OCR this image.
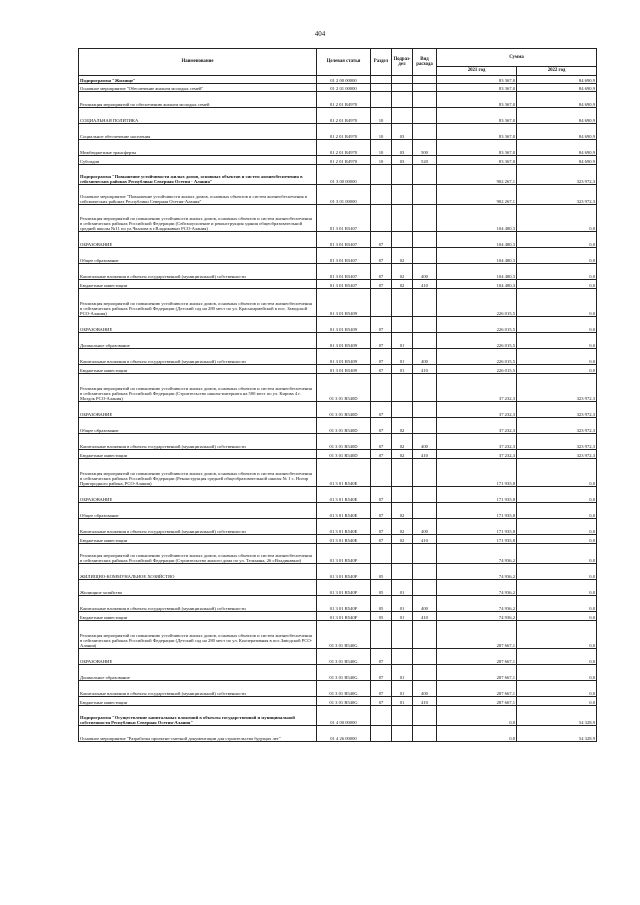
404
Наименование	Целевая статья	Раздел	Подраз-дел	Вид расхода	Сумма	
					2021 год	2022 год
Подпрограмма "Жилище"	01 2 00 00000				83 367,0	84 690,9
Основное мероприятие "Обеспечение жильем молодых семей"	01 2 01 00000				83 367,0	84 690,9
Реализация мероприятий по обеспечению жильем молодых семей	01 2 01 R4970				83 367,0	84 690,9
СОЦИАЛЬНАЯ ПОЛИТИКА	01 2 01 R4970	10			83 367,0	84 690,9
Социальное обеспечение населения	01 2 01 R4970	10	03		83 367,0	84 690,9
Межбюджетные трансферты	01 2 01 R4970	10	03	500	83 367,0	84 690,9
Субсидии	01 2 01 R4970	10	03	520	83 367,0	84 690,9
Подпрограмма "Повышение устойчивости жилых домов, основных объектов и систем жизнеобеспечения в сейсмических районах Республики Северная Осетия - Алания"	01 3 00 00000				902 267,1	323 972,3
Основное мероприятие "Повышение устойчивости жилых домов, основных объектов и систем жизнеобеспечения в сейсмических районах Республики Северная Осетия-Алания"	01 3 01 00000				902 267,1	323 972,3
Реализация мероприятий по повышению устойчивости жилых домов, основных объектов и систем жизнеобеспечения в сейсмических районах Российской Федерации (Сейсмоусиление и реконструкция здания общеобразовательной средней школы №11 по ул.Чкалова в г.Владикавказ РСО-Алания)	01 3 01 R5407				104 480,3	0,0
ОБРАЗОВАНИЕ	01 3 01 R5407	07			104 480,3	0,0
Общее образование	01 3 01 R5407	07	02		104 480,3	0,0
Капитальные вложения в объекты государственной (муниципальной) собственности	01 3 01 R5407	07	02	400	104 480,3	0,0
Бюджетные инвестиции	01 3 01 R5407	07	02	410	104 480,3	0,0
Реализация мероприятий по повышению устойчивости жилых домов, основных объектов и систем жизнеобеспечения в сейсмических районах Российской Федерации (Детский сад на 280 мест по ул. Красноармейской в пос. Заводской РСО-Алания)	01 3 01 R5409				226 015,5	0,0
ОБРАЗОВАНИЕ	01 3 01 R5409	07			226 015,5	0,0
Дошкольное образование	01 3 01 R5409	07	01		226 015,5	0,0
Капитальные вложения в объекты государственной (муниципальной) собственности	01 3 01 R5409	07	01	400	226 015,5	0,0
Бюджетные инвестиции	01 3 01 R5409	07	01	410	226 015,5	0,0
Реализация мероприятий по повышению устойчивости жилых домов, основных объектов и систем жизнеобеспечения в сейсмических районах Российской Федерации (Строительство школы-интерната на 500 мест по ул. Кирова 4 г. Моздок РСО-Алания)	01 3 01 R540D				37 232,3	323 972,3
ОБРАЗОВАНИЕ	01 3 01 R540D	07			37 232,3	323 972,3
Общее образование	01 3 01 R540D	07	02		37 232,3	323 972,3
Капитальные вложения в объекты государственной (муниципальной) собственности	01 3 01 R540D	07	02	400	37 232,3	323 972,3
Бюджетные инвестиции	01 3 01 R540D	07	02	410	37 232,3	323 972,3
Реализация мероприятий по повышению устойчивости жилых домов, основных объектов и систем жизнеобеспечения в сейсмических районах Российской Федерации (Реконструкция средней общеобразовательной школы № 1 с. Ногир Пригородного района, РСО-Алания)	01 3 01 R540E				171 935,8	0,0
ОБРАЗОВАНИЕ	01 3 01 R540E	07			171 935,8	0,0
Общее образование	01 3 01 R540E	07	02		171 935,8	0,0
Капитальные вложения в объекты государственной (муниципальной) собственности	01 3 01 R540E	07	02	400	171 935,8	0,0
Бюджетные инвестиции	01 3 01 R540E	07	02	410	171 935,8	0,0
Реализация мероприятий по повышению устойчивости жилых домов, основных объектов и систем жизнеобеспечения в сейсмических районах Российской Федерации (Строительство жилого дома по ул. Тельмана, 26 г.Владикавказ)	01 3 01 R540F				74 936,2	0,0
ЖИЛИЩНО-КОММУНАЛЬНОЕ ХОЗЯЙСТВО	01 3 01 R540F	05			74 936,2	0,0
Жилищное хозяйство	01 3 01 R540F	05	01		74 936,2	0,0
Капитальные вложения в объекты государственной (муниципальной) собственности	01 3 01 R540F	05	01	400	74 936,2	0,0
Бюджетные инвестиции	01 3 01 R540F	05	01	410	74 936,2	0,0
Реализация мероприятий по повышению устойчивости жилых домов, основных объектов и систем жизнеобеспечения в сейсмических районах Российской Федерации (Детский сад на 280 мест по ул. Кооперативная в пос.Заводской РСО-Алания)	01 3 01 R540G				287 667,1	0,0
ОБРАЗОВАНИЕ	01 3 01 R540G	07			287 667,1	0,0
Дошкольное образование	01 3 01 R540G	07	01		287 667,1	0,0
Капитальные вложения в объекты государственной (муниципальной) собственности	01 3 01 R540G	07	01	400	287 667,1	0,0
Бюджетные инвестиции	01 3 01 R540G	07	01	410	287 667,1	0,0
Подпрограмма "Осуществление капитальных вложений в объекты государственной и муниципальной собственности Республики Северная Осетия-Алания"	01 4 00 00000				0,0	54 328,9
Основное мероприятие "Разработка проектно-сметной документации для строительства будущих лет"	01 4 26 00000				0,0	54 328,9
